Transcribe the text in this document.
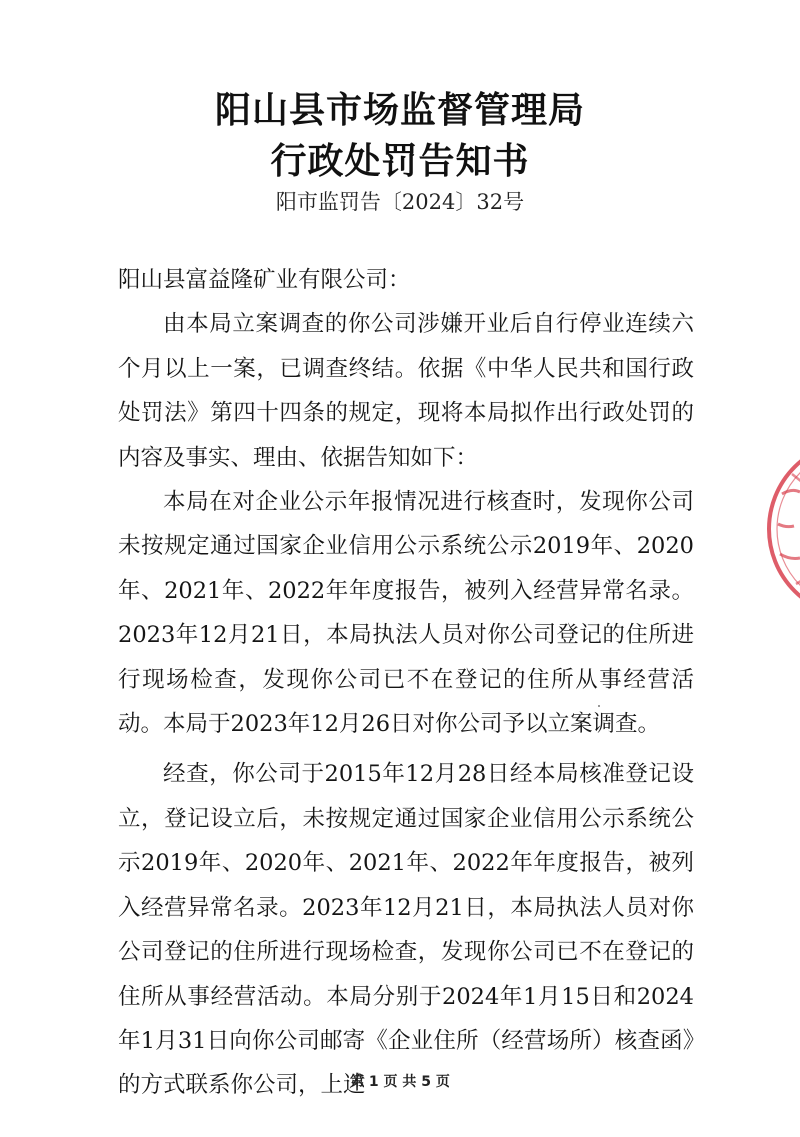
阳山县市场监督管理局
行政处罚告知书
阳市监罚告〔2024〕32号

阳山县富益隆矿业有限公司：

由本局立案调查的你公司涉嫌开业后自行停业连续六个月以上一案，已调查终结。依据《中华人民共和国行政处罚法》第四十四条的规定，现将本局拟作出行政处罚的内容及事实、理由、依据告知如下：

本局在对企业公示年报情况进行核查时，发现你公司未按规定通过国家企业信用公示系统公示2019年、2020年、2021年、2022年年度报告，被列入经营异常名录。2023年12月21日，本局执法人员对你公司登记的住所进行现场检查，发现你公司已不在登记的住所从事经营活动。本局于2023年12月26日对你公司予以立案调查。

经查，你公司于2015年12月28日经本局核准登记设立，登记设立后，未按规定通过国家企业信用公示系统公示2019年、2020年、2021年、2022年年度报告，被列入经营异常名录。2023年12月21日，本局执法人员对你公司登记的住所进行现场检查，发现你公司已不在登记的住所从事经营活动。本局分别于2024年1月15日和2024年1月31日向你公司邮寄《企业住所（经营场所）核查函》的方式联系你公司，上述

第 1 页 共 5 页
